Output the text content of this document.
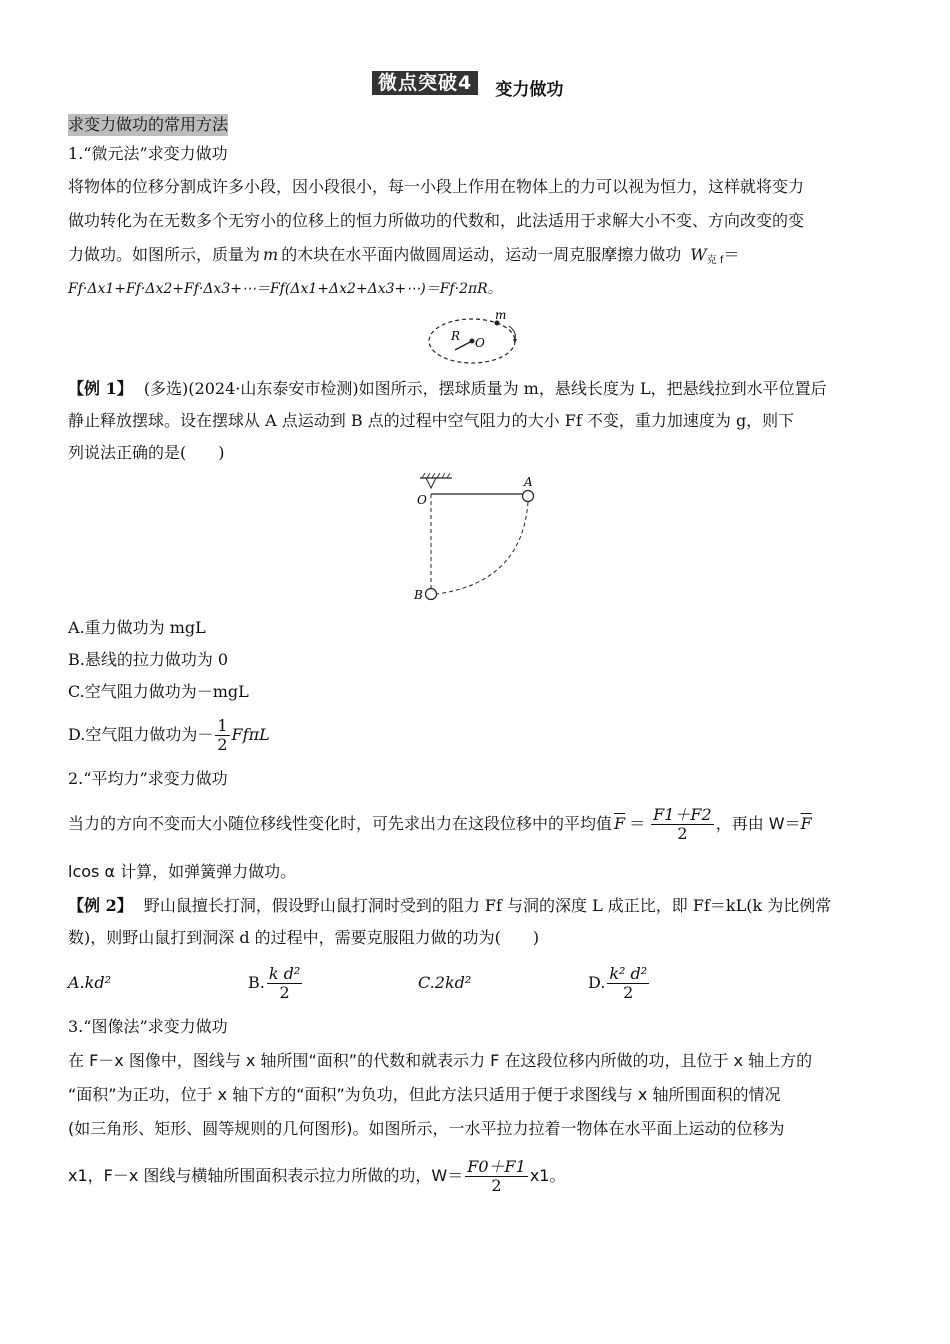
微点突破4 变力做功
求变力做功的常用方法
1.“微元法”求变力做功
将物体的位移分割成许多小段，因小段很小，每一小段上作用在物体上的力可以视为恒力，这样就将变力
做功转化为在无数多个无穷小的位移上的恒力所做功的代数和，此法适用于求解大小不变、方向改变的变
力做功。如图所示，质量为 m 的木块在水平面内做圆周运动，运动一周克服摩擦力做功 $W_{克 f}=$
Ff·Δx1+Ff·Δx2+Ff·Δx3+⋯＝Ff(Δx1+Δx2+Δx3+⋯)＝Ff·2πR。
R O
m
【例 1】 (多选)(2024·山东泰安市检测)如图所示，摆球质量为 m，悬线长度为 L，把悬线拉到水平位置后
静止释放摆球。设在摆球从 A 点运动到 B 点的过程中空气阻力的大小 Ff 不变，重力加速度为 g，则下
列说法正确的是(　　)
O
A
B
A.重力做功为 mgL
B.悬线的拉力做功为 0
C.空气阻力做功为－mgL
D.空气阻力做功为－ $\frac{1}{2}$ FfπL
2.“平均力”求变力做功
当力的方向不变而大小随位移线性变化时，可先求出力在这段位移中的平均值 $\overline{F} = \frac{F1+F2}{2}$ ，再由 $W= \overline{F}$
lcos α 计算，如弹簧弹力做功。
【例 2】 野山鼠擅长打洞，假设野山鼠打洞时受到的阻力 Ff 与洞的深度 L 成正比，即 Ff＝kL(k 为比例常
数)，则野山鼠打到洞深 d 的过程中，需要克服阻力做的功为(　　)
A.kd²	B. $\frac{\text{k d²}}{2}$	C.2kd²	D. $\frac{\text{k² d²}}{2}$
3.“图像法”求变力做功
在 F－x 图像中，图线与 x 轴所围“面积”的代数和就表示力 F 在这段位移内所做的功，且位于 x 轴上方的
“面积”为正功，位于 x 轴下方的“面积”为负功，但此方法只适用于便于求图线与 x 轴所围面积的情况
(如三角形、矩形、圆等规则的几何图形)。如图所示，一水平拉力拉着一物体在水平面上运动的位移为
x1，F－x 图线与横轴所围面积表示拉力所做的功，$W= \frac{F0+F1}{2} x1$。
